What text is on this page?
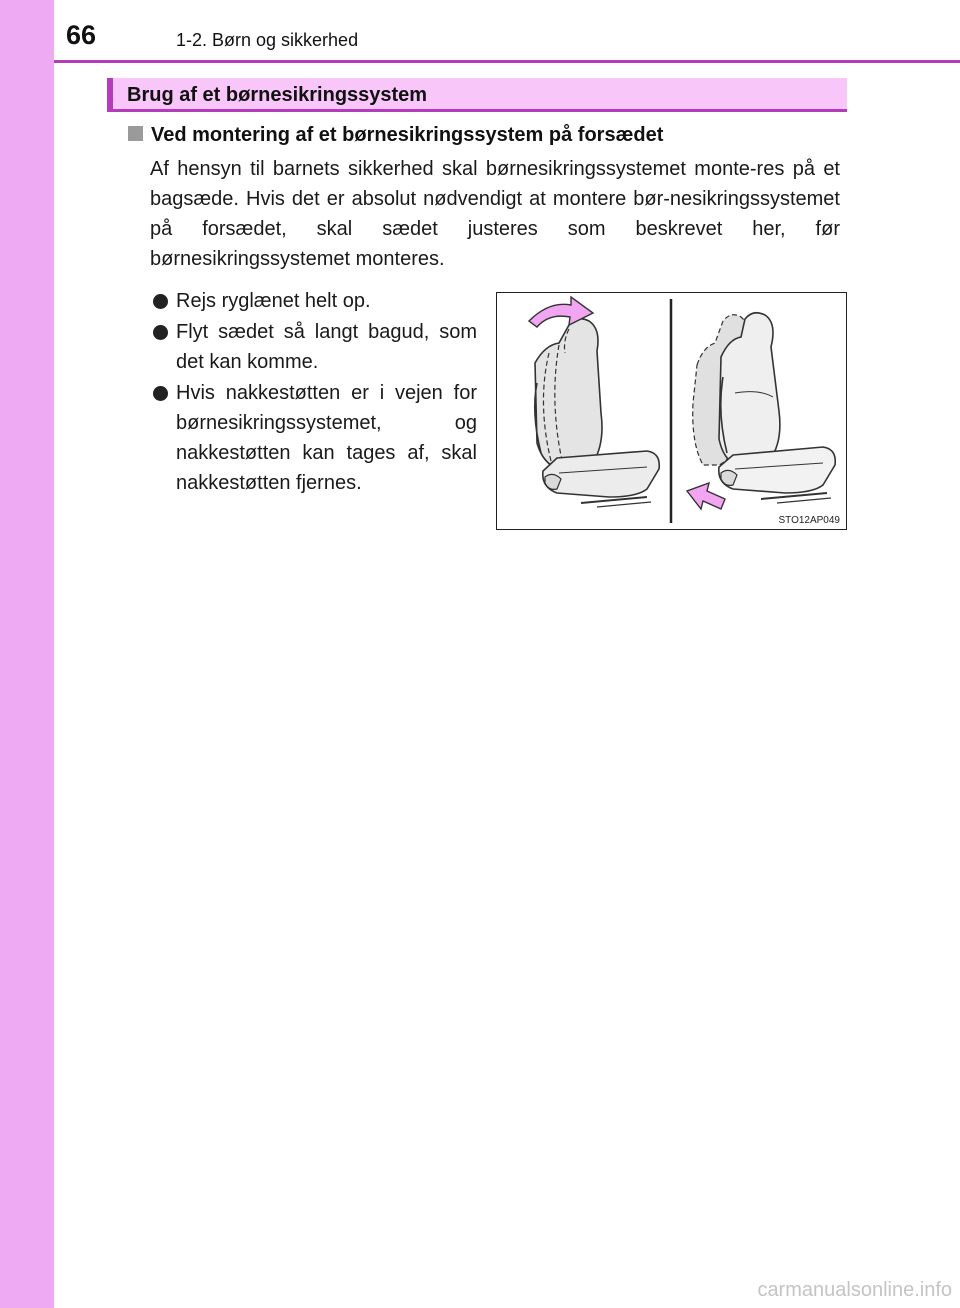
66	1-2. Børn og sikkerhed
Brug af et børnesikringssystem
Ved montering af et børnesikringssystem på forsædet

Af hensyn til barnets sikkerhed skal børnesikringssystemet monte-res på et bagsæde. Hvis det er absolut nødvendigt at montere bør-nesikringssystemet på forsædet, skal sædet justeres som beskrevet her, før børnesikringssystemet monteres.

Rejs ryglænet helt op.
Flyt sædet så langt bagud, som det kan komme.
Hvis nakkestøtten er i vejen for børnesikringssystemet, og nakkestøtten kan tages af, skal nakkestøtten fjernes.
STO12AP049
carmanualsonline.info
